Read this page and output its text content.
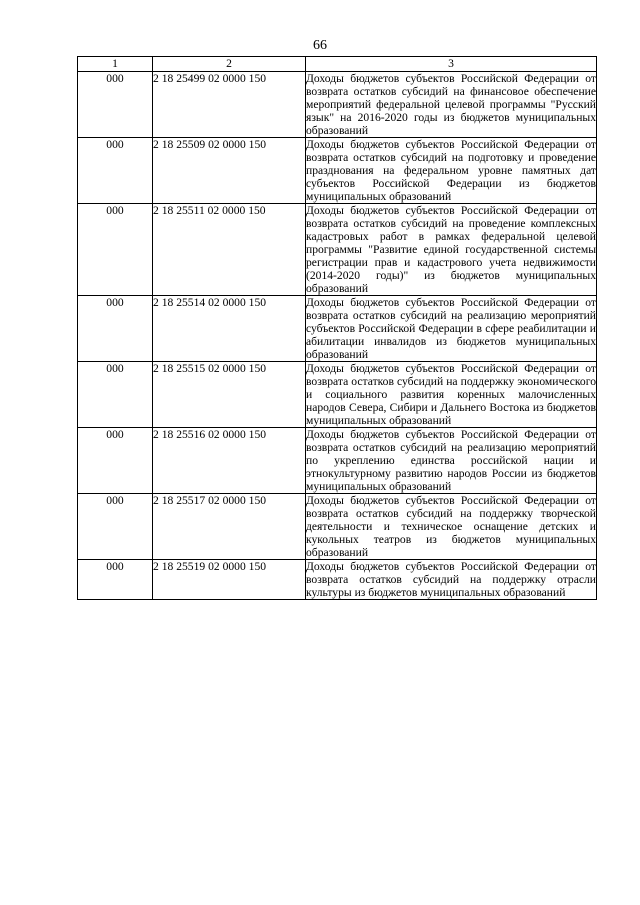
66
1	2	3
000	2 18 25499 02 0000 150	Доходы бюджетов субъектов Российской Федерации от возврата остатков субсидий на финансовое обеспечение мероприятий федеральной целевой программы "Русский язык" на 2016-2020 годы из бюджетов муниципальных образований
000	2 18 25509 02 0000 150	Доходы бюджетов субъектов Российской Федерации от возврата остатков субсидий на подготовку и проведение празднования на федеральном уровне памятных дат субъектов Российской Федерации из бюджетов муниципальных образований
000	2 18 25511 02 0000 150	Доходы бюджетов субъектов Российской Федерации от возврата остатков субсидий на проведение комплексных кадастровых работ в рамках федеральной целевой программы "Развитие единой государственной системы регистрации прав и кадастрового учета недвижимости (2014-2020 годы)" из бюджетов муниципальных образований
000	2 18 25514 02 0000 150	Доходы бюджетов субъектов Российской Федерации от возврата остатков субсидий на реализацию мероприятий субъектов Российской Федерации в сфере реабилитации и абилитации инвалидов из бюджетов муниципальных образований
000	2 18 25515 02 0000 150	Доходы бюджетов субъектов Российской Федерации от возврата остатков субсидий на поддержку экономического и социального развития коренных малочисленных народов Севера, Сибири и Дальнего Востока из бюджетов муниципальных образований
000	2 18 25516 02 0000 150	Доходы бюджетов субъектов Российской Федерации от возврата остатков субсидий на реализацию мероприятий по укреплению единства российской нации и этнокультурному развитию народов России из бюджетов муниципальных образований
000	2 18 25517 02 0000 150	Доходы бюджетов субъектов Российской Федерации от возврата остатков субсидий на поддержку творческой деятельности и техническое оснащение детских и кукольных театров из бюджетов муниципальных образований
000	2 18 25519 02 0000 150	Доходы бюджетов субъектов Российской Федерации от возврата остатков субсидий на поддержку отрасли культуры из бюджетов муниципальных образований
